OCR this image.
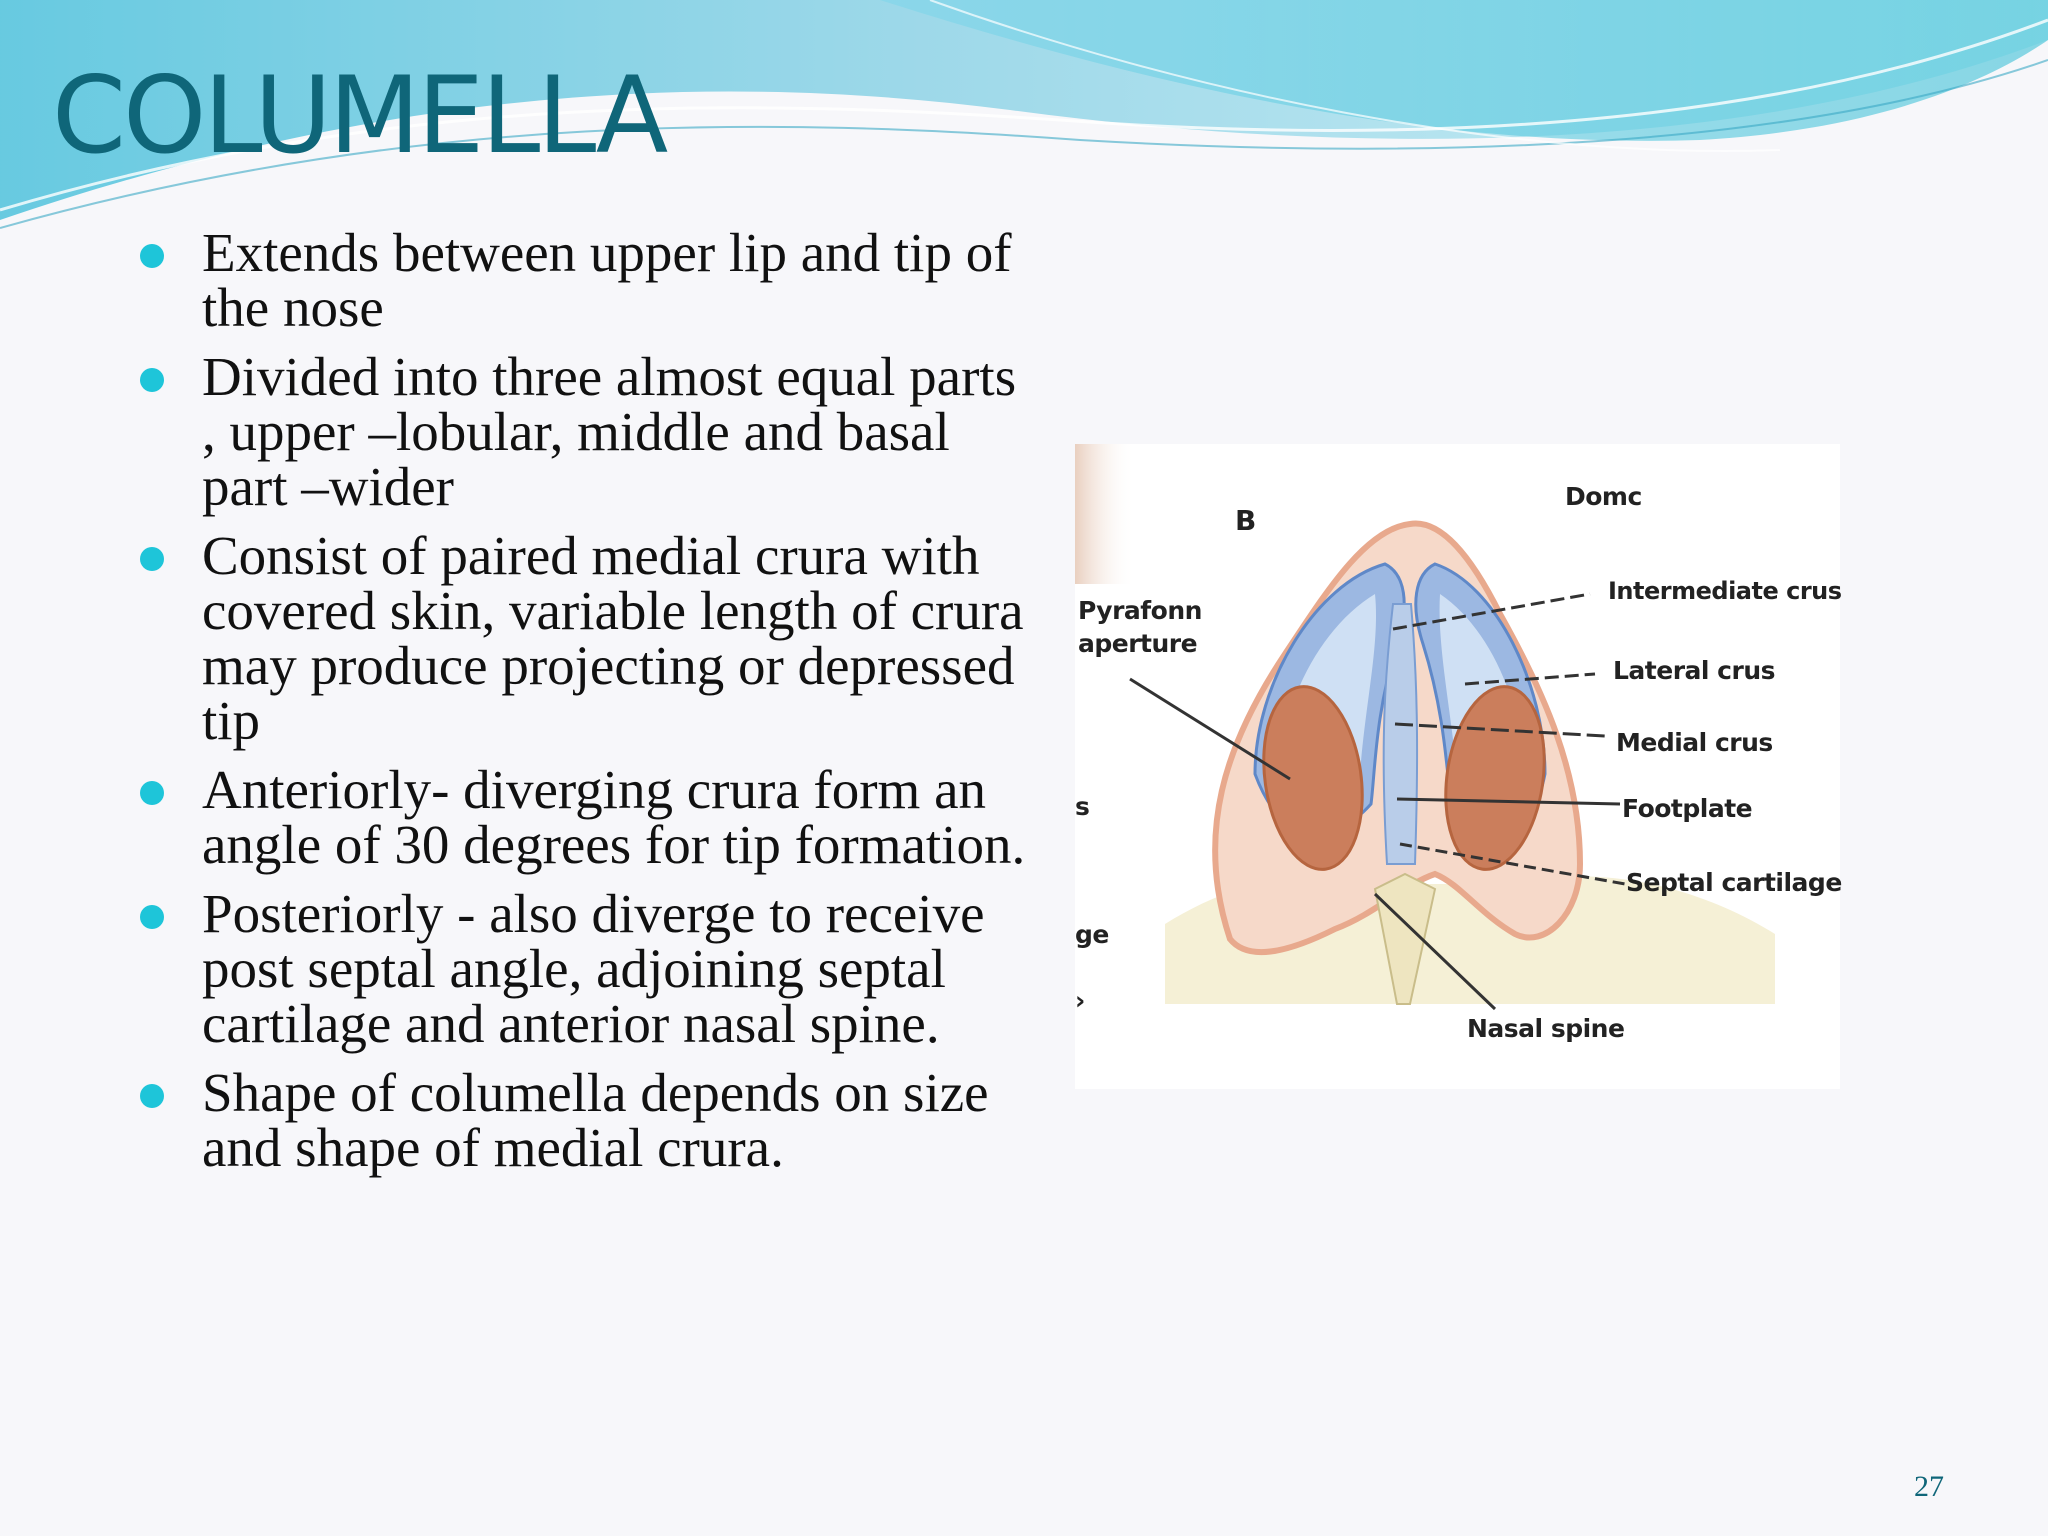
COLUMELLA
Extends between upper lip and tip of the nose
Divided into three almost equal parts , upper –lobular, middle and basal part –wider
Consist of paired medial crura with covered skin, variable length of crura may produce projecting or depressed tip
Anteriorly- diverging crura form an angle of 30 degrees for tip formation.
Posteriorly - also diverge to receive post septal angle, adjoining septal cartilage and anterior nasal spine.
Shape of columella depends on size and shape of medial crura.
B
Domc
Pyrafonn aperture
Intermediate crus
Lateral crus
Medial crus
Footplate
Septal cartilage
Nasal spine
s
ge
›
27
